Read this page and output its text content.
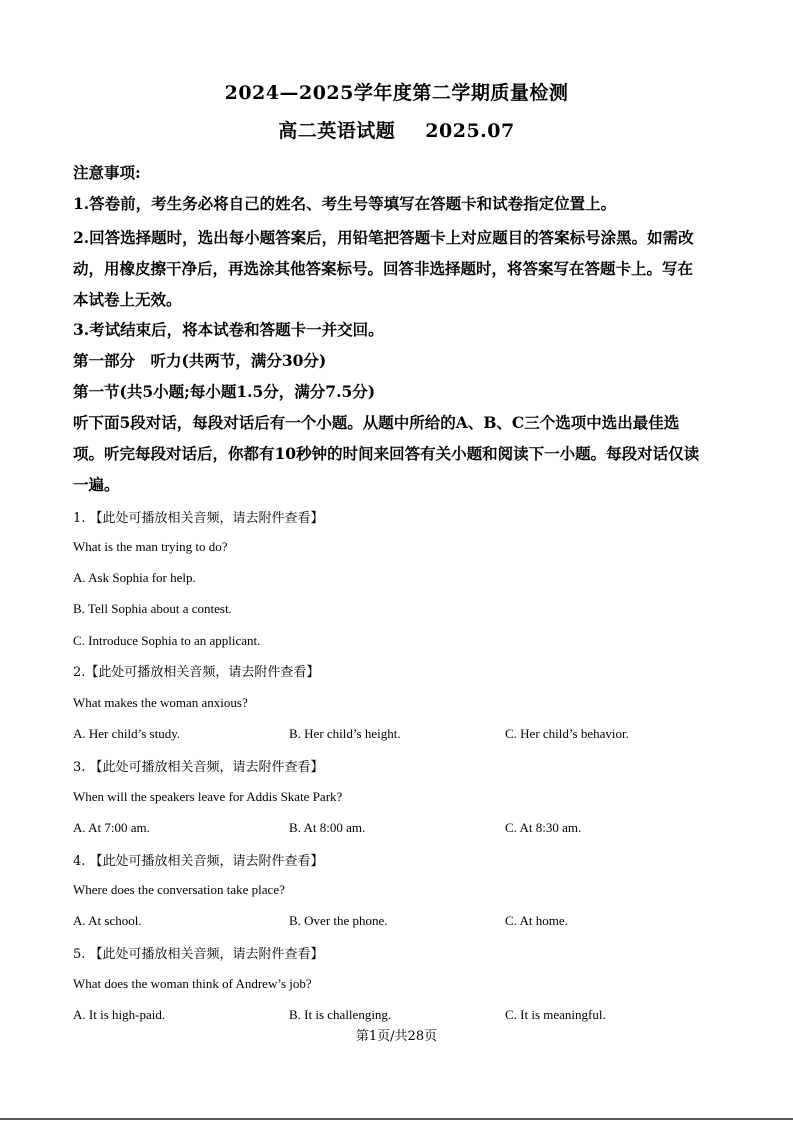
2024—2025学年度第二学期质量检测
高二英语试题 2025.07
注意事项:
1.答卷前，考生务必将自己的姓名、考生号等填写在答题卡和试卷指定位置上。
2.回答选择题时，选出每小题答案后，用铅笔把答题卡上对应题目的答案标号涂黑。如需改
动，用橡皮擦干净后，再选涂其他答案标号。回答非选择题时，将答案写在答题卡上。写在
本试卷上无效。
3.考试结束后，将本试卷和答题卡一并交回。
第一部分　听力(共两节，满分30分)
第一节(共5小题;每小题1.5分，满分7.5分)
听下面5段对话，每段对话后有一个小题。从题中所给的A、B、C三个选项中选出最佳选
项。听完每段对话后，你都有10秒钟的时间来回答有关小题和阅读下一小题。每段对话仅读
一遍。
1. 【此处可播放相关音频，请去附件查看】
What is the man trying to do?
A. Ask Sophia for help.
B. Tell Sophia about a contest.
C. Introduce Sophia to an applicant.
2.【此处可播放相关音频，请去附件查看】
What makes the woman anxious?
A. Her child’s study.	B. Her child’s height.	C. Her child’s behavior.
3. 【此处可播放相关音频，请去附件查看】
When will the speakers leave for Addis Skate Park?
A. At 7:00 am.	B. At 8:00 am.	C. At 8:30 am.
4. 【此处可播放相关音频，请去附件查看】
Where does the conversation take place?
A. At school.	B. Over the phone.	C. At home.
5. 【此处可播放相关音频，请去附件查看】
What does the woman think of Andrew’s job?
A. It is high-paid.	B. It is challenging.	C. It is meaningful.
第1页/共28页
